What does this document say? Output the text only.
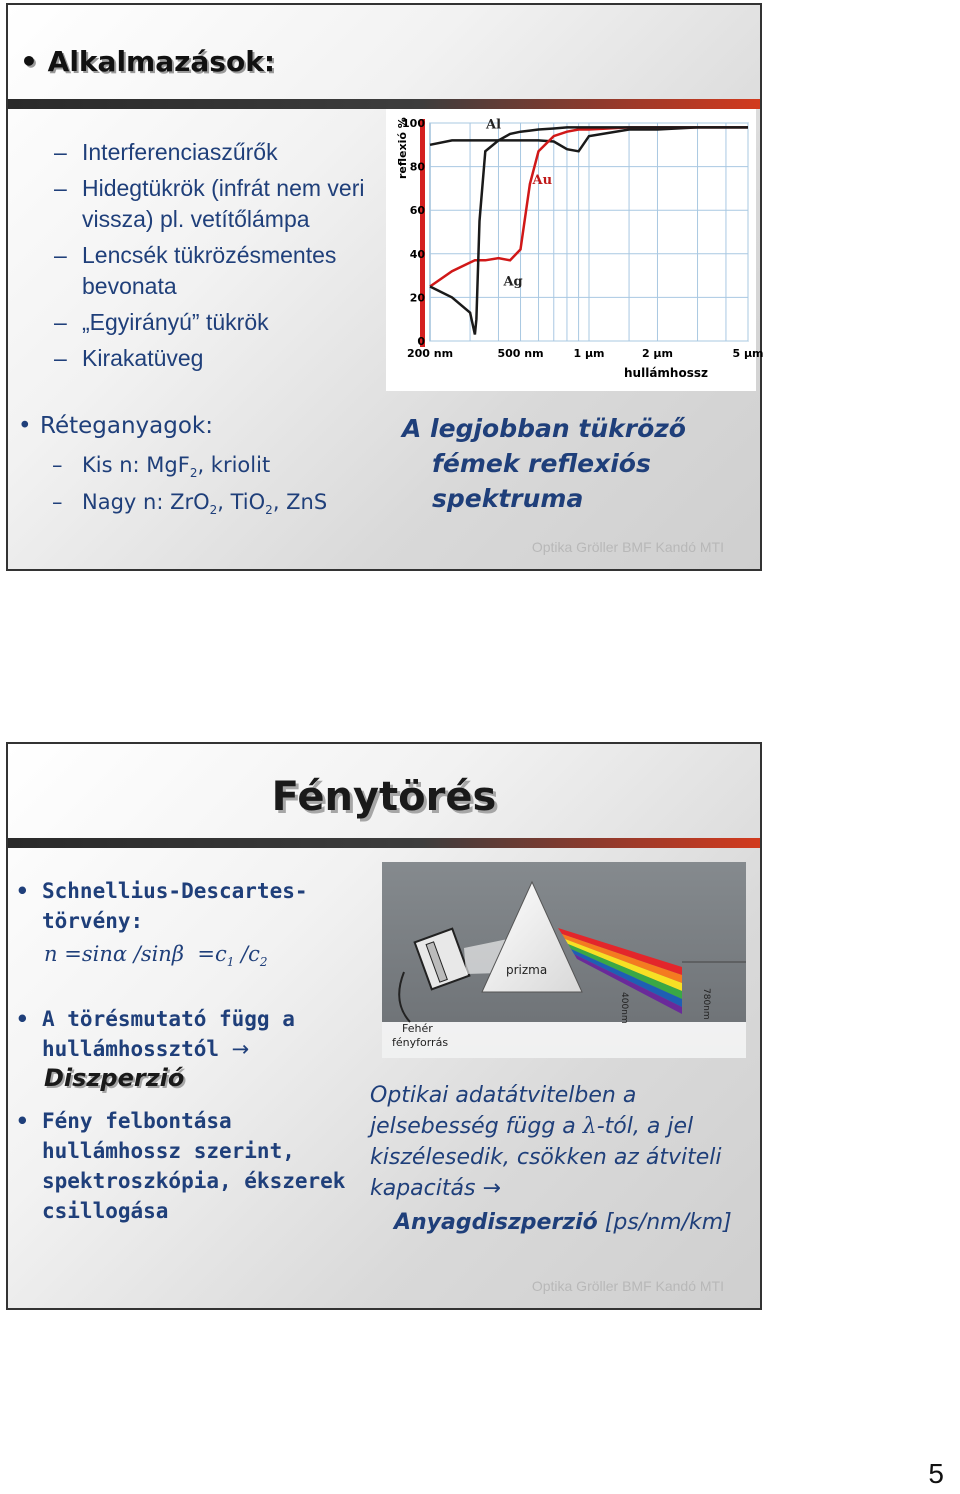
• Alkalmazások:
– Interferenciaszűrők
– Hidegtükrök (infrát nem veri vissza) pl. vetítőlámpa
– Lencsék tükrözésmentes bevonata
– „Egyirányú” tükrök
– Kirakatüveg
• Réteganyagok:
– Kis n: MgF$_2$, kriolit
– Nagy n: ZrO$_2$, TiO$_2$, ZnS
0
20
40
60
80
100
200 nm	500 nm	1 µm	2 µm	5 µm
Al
Au
Ag
reflexió %
hullámhossz
A legjobban tükröző
fémek reflexiós
spektruma
Optika Gröller BMF Kandó MTI
Fénytörés
• Schnellius-Descartes-törvény:
n =sinα $/\sin\beta =c_1$ $/c_2$
• A törésmutató függ a hullámhossztól →
Diszperzió
• Fény felbontása hullámhossz szerint, spektroszkópia, ékszerek csillogása
prizma
Fehér
fényforrás
400nm	780nm
Optikai adatátvitelben a jelsebesség függ a λ-tól, a jel kiszélesedik, csökken az átviteli kapacitás →
Anyagdiszperzió [ps/nm/km]
Optika Gröller BMF Kandó MTI
5
